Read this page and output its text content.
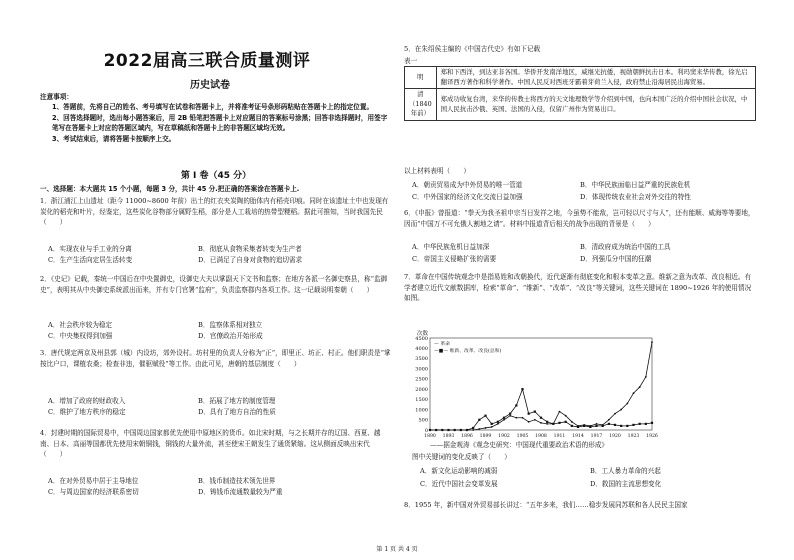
2022届高三联合质量测评
历史试卷
注意事项：
1、答题前，先将自己的姓名、考号填写在试卷和答题卡上，并将准考证号条形码粘贴在答题卡上的指定位置。
2、回答选择题时，选出每小题答案后，用 2B 铅笔把答题卡上对应题目的答案标号涂黑；回答非选择题时，用签字笔写在答题卡上对应的答题区域内，写在草稿纸和答题卡上的非答题区域均无效。
3、考试结束后，请将答题卡按顺序上交。
第 Ⅰ 卷（45 分）
一、选择题：本大题共 15 个小题，每题 3 分，共计 45 分.把正确的答案涂在答题卡上.
1．浙江浦江上山遗址（距今 11000~8600 年前）出土的红衣夹炭陶的胎体内有稻壳印痕。同时在该遗址土中也发现有炭化的稻壳和叶片，经鉴定，这些炭化谷物部分属野生稻，部分是人工栽培的热带型粳稻。据此可推知，当时我国先民（　　）
A．实现农业与手工业的分离	B．彻底从食物采集者转变为生产者
C．生产生活向定居生活转变	D．已满足了自身对食物的追切需求
2．《史记》记载，秦统一中国后在中央置御史，设御史大夫以掌副天下文书和监察；在地方各派一名御史察县，称“监御史”，表明其从中央御史系统派出而来，并有专门官署“监府”，负责监察郡内各项工作。这一记载说明秦朝（　　）
A．社会秩序较为稳定	B．监察体系相对独立
C．中央集权得到加强	D．官僚政治开始形成
3．唐代规定两京及州县郭（城）内设坊，郊外设村。坊村里的负责人分称为“正”，即里正、坊正、村正。他们职责是“掌按比户口，课植农桑；检查非违，催驱赋役”等工作。由此可见，唐朝的基层制度（　　）
A．增加了政府的财政收入	B．拓展了地方的制度管理
C．维护了地方秩序的稳定	D．具有了地方自治的性质
4．封建时期的国际贸易中，中国周边国家都优先使用中原地区的货币。如北宋时期，与之长期并存的辽国、西夏、越南、日本、高丽等国都优先使用宋朝铜钱，铜钱的大量外流，甚至使宋王朝发生了通货紧缩。这从侧面反映出宋代（　　）
A．在对外贸易中居于主导地位	B．钱币制造技术领先世界
C．与周边国家的经济联系密切	D．铸钱币流通数量较为严重
5．在朱绍侯主编的《中国古代史》有如下记载
表一
明	郑和下西洋，到达亚非各国。华侨开发南洋地区，威继光抗倭，视勋朝鲜抗击日本。利玛窦来华传教，徐光启翻译西方著作和科学著作。中国人民反对西班牙霸着芽荷兰入侵，政府禁止沿海居民出海贸易。
清（1840年前）	郑成功收复台湾，来华的传教士将西方的天文地理数学等介绍到中国，也向本国广泛的介绍中国社会状况，中国人民抗击沙俄、英国、法国的入侵，仅留广州作为贸易出口。
以上材料表明（　　）
A．朝贡贸易成为中外贸易的唯一管道	B．中华民族面临日益严重的民族危机
C．中外国家的经济文化交流日益加强	D．体现传统农业社会对外交往的特性
6．《申报》曾报道：“拳天为我圣祖申宗当日发祥之地，今虽势不能敌，岂可轻以尺寸与人”，还有能顺、威海等等要地，因而“中国万不可允俄人割地之请”。材料中报道背后相关的战争出现的背景是（　　）
A．中华民族危机日益加深	B．清政府成为统治中国的工具
C．帝国主义侵略扩张的需要	D．列强瓜分中国的狂潮
7．革命在中国传统观念中是指易姓和改朝换代，近代逐渐有彻底变化和根本变革之意。维新之意为改革、改良相近。有学者建立近代文献数据库，检索“革命”、“维新”、“改革”、“改良”等关键词，这些关键词在 1890~1926 年的使用情况如图。
次数
0
500
1000
1500
2000
2500
3000
3500
4000
4500
1890 1893 1896 1899 1902 1905 1908 1911 1914 1917 1920 1923 1926
— 革命
—■— 维新、改革、改良(总和)
——据金观涛《观念史研究：中国现代重要政治术语的形成》
图中关键词的变化反映了（　　）
A．新文化运动影响的减弱	B．工人暴力革命的兴起
C．近代中国社会变革发展	D．救国的主流思想变化
8．1955 年，新中国对外贸易部长讲过：“五年多来，我们……稳步发展同苏联和各人民民主国家
第 1 页 共 4 页
